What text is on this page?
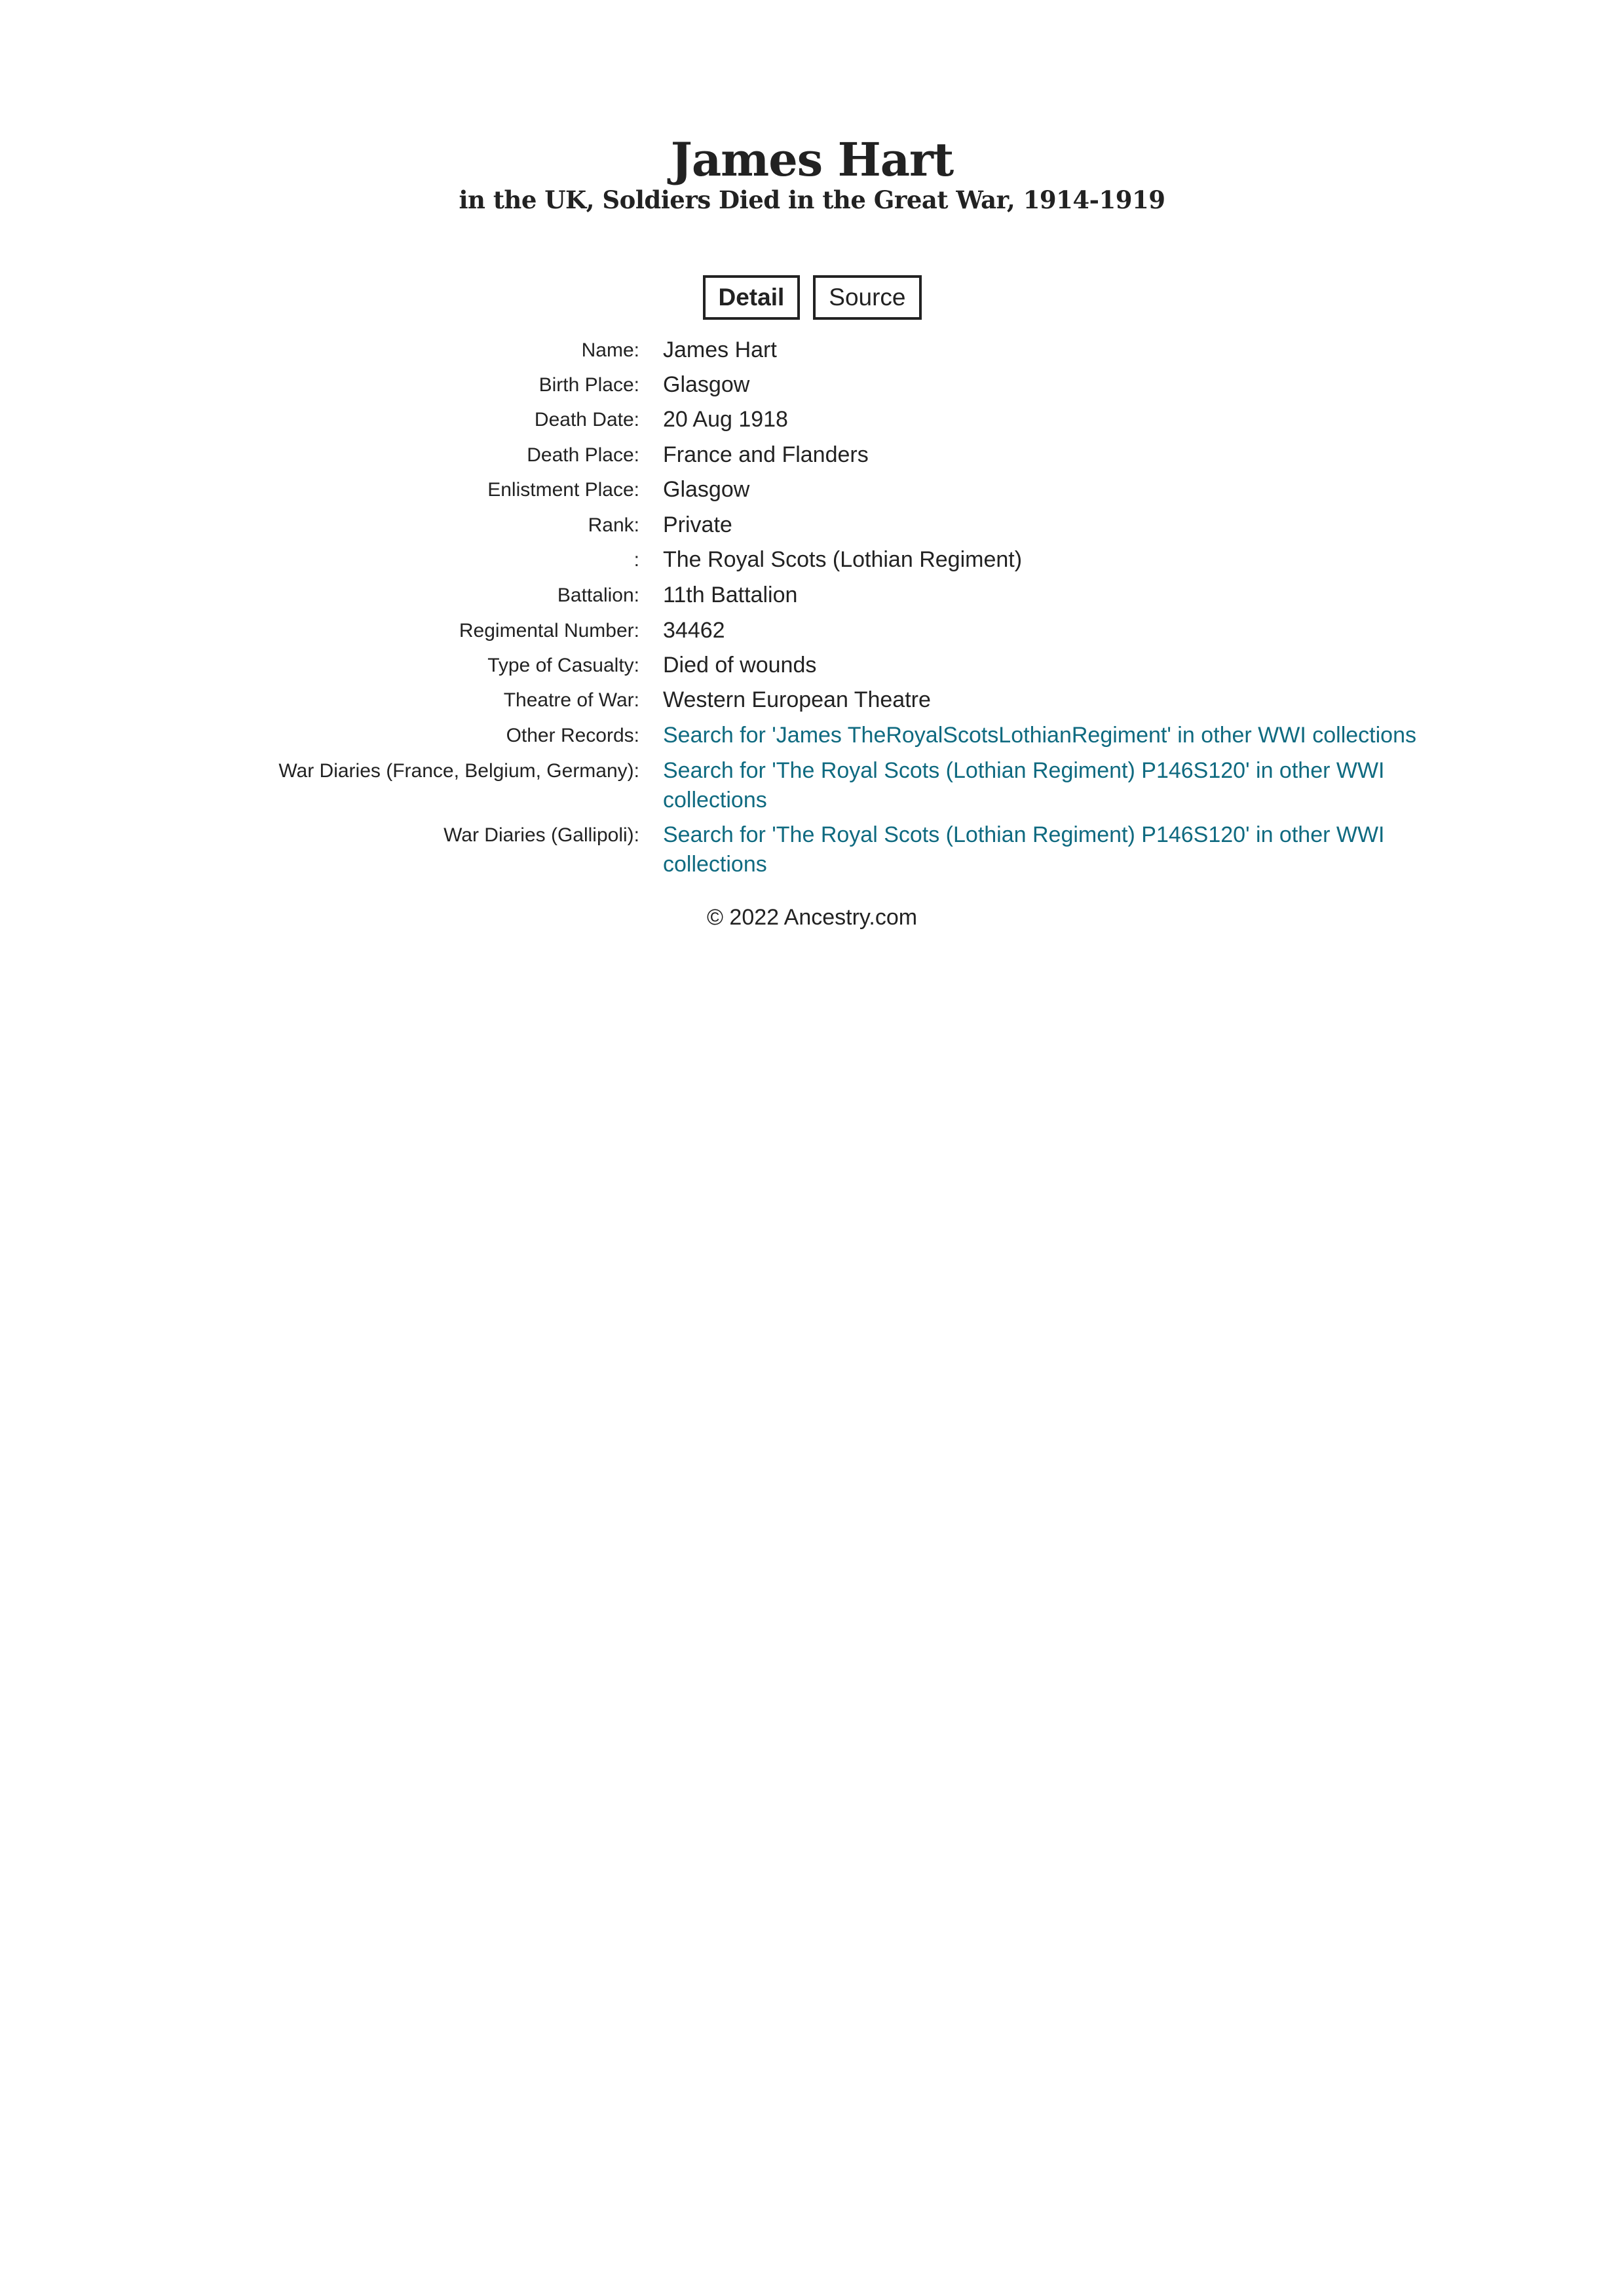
James Hart
in the UK, Soldiers Died in the Great War, 1914-1919
Detail	Source
Name: James Hart
Birth Place: Glasgow
Death Date: 20 Aug 1918
Death Place: France and Flanders
Enlistment Place: Glasgow
Rank: Private
: The Royal Scots (Lothian Regiment)
Battalion: 11th Battalion
Regimental Number: 34462
Type of Casualty: Died of wounds
Theatre of War: Western European Theatre
Other Records: Search for 'James TheRoyalScotsLothianRegiment' in other WWI collections
War Diaries (France, Belgium, Germany): Search for 'The Royal Scots (Lothian Regiment) P146S120' in other WWI collections
War Diaries (Gallipoli): Search for 'The Royal Scots (Lothian Regiment) P146S120' in other WWI collections
© 2022 Ancestry.com
